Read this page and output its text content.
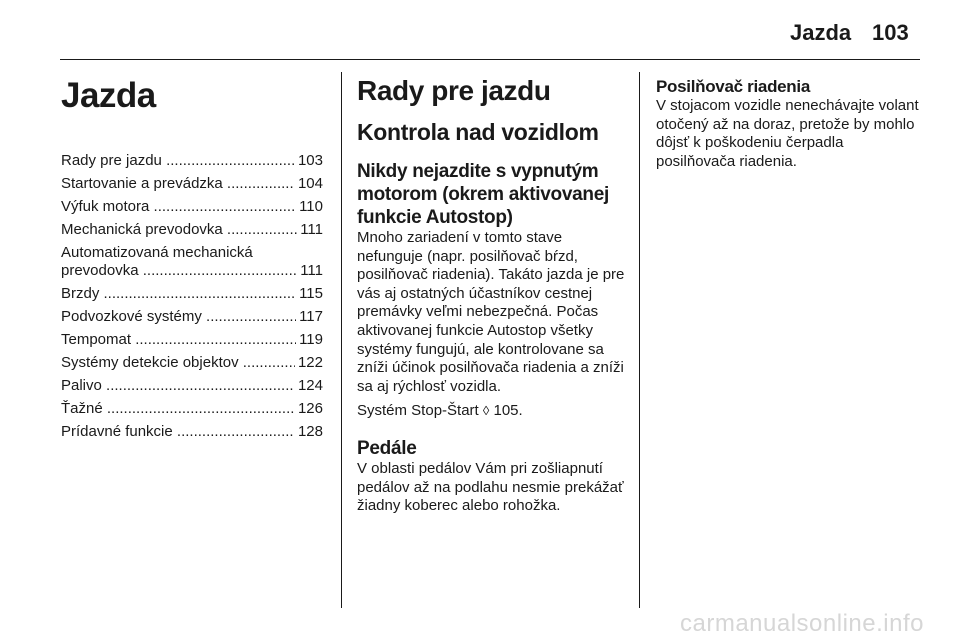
Jazda 103
Jazda
Rady pre jazdu .....	103
Startovanie a prevádzka .....	104
Výfuk motora .....	110
Mechanická prevodovka .....	111
Automatizovaná mechanická
prevodovka .....	111
Brzdy .....	115
Podvozkové systémy .....	117
Tempomat .....	119
Systémy detekcie objektov .....	122
Palivo .....	124
Ťažné .....	126
Prídavné funkcie .....	128
Rady pre jazdu
Kontrola nad vozidlom
Nikdy nejazdite s vypnutým motorom (okrem aktivovanej funkcie Autostop)

Mnoho zariadení v tomto stave nefunguje (napr. posilňovač bŕzd, posilňovač riadenia). Takáto jazda je pre vás aj ostatných účastníkov cestnej premávky veľmi nebezpečná. Počas aktivovanej funkcie Autostop všetky systémy fungujú, ale kontrolovane sa zníži účinok posilňovača riadenia a zníži sa aj rýchlosť vozidla.

Systém Stop-Štart ◊ 105.

Pedále

V oblasti pedálov Vám pri zošliapnutí pedálov až na podlahu nesmie prekážať žiadny koberec alebo rohožka.

Posilňovač riadenia

V stojacom vozidle nenechávajte volant otočený až na doraz, pretože by mohlo dôjsť k poškodeniu čerpadla posilňovača riadenia.

carmanualsonline.info
